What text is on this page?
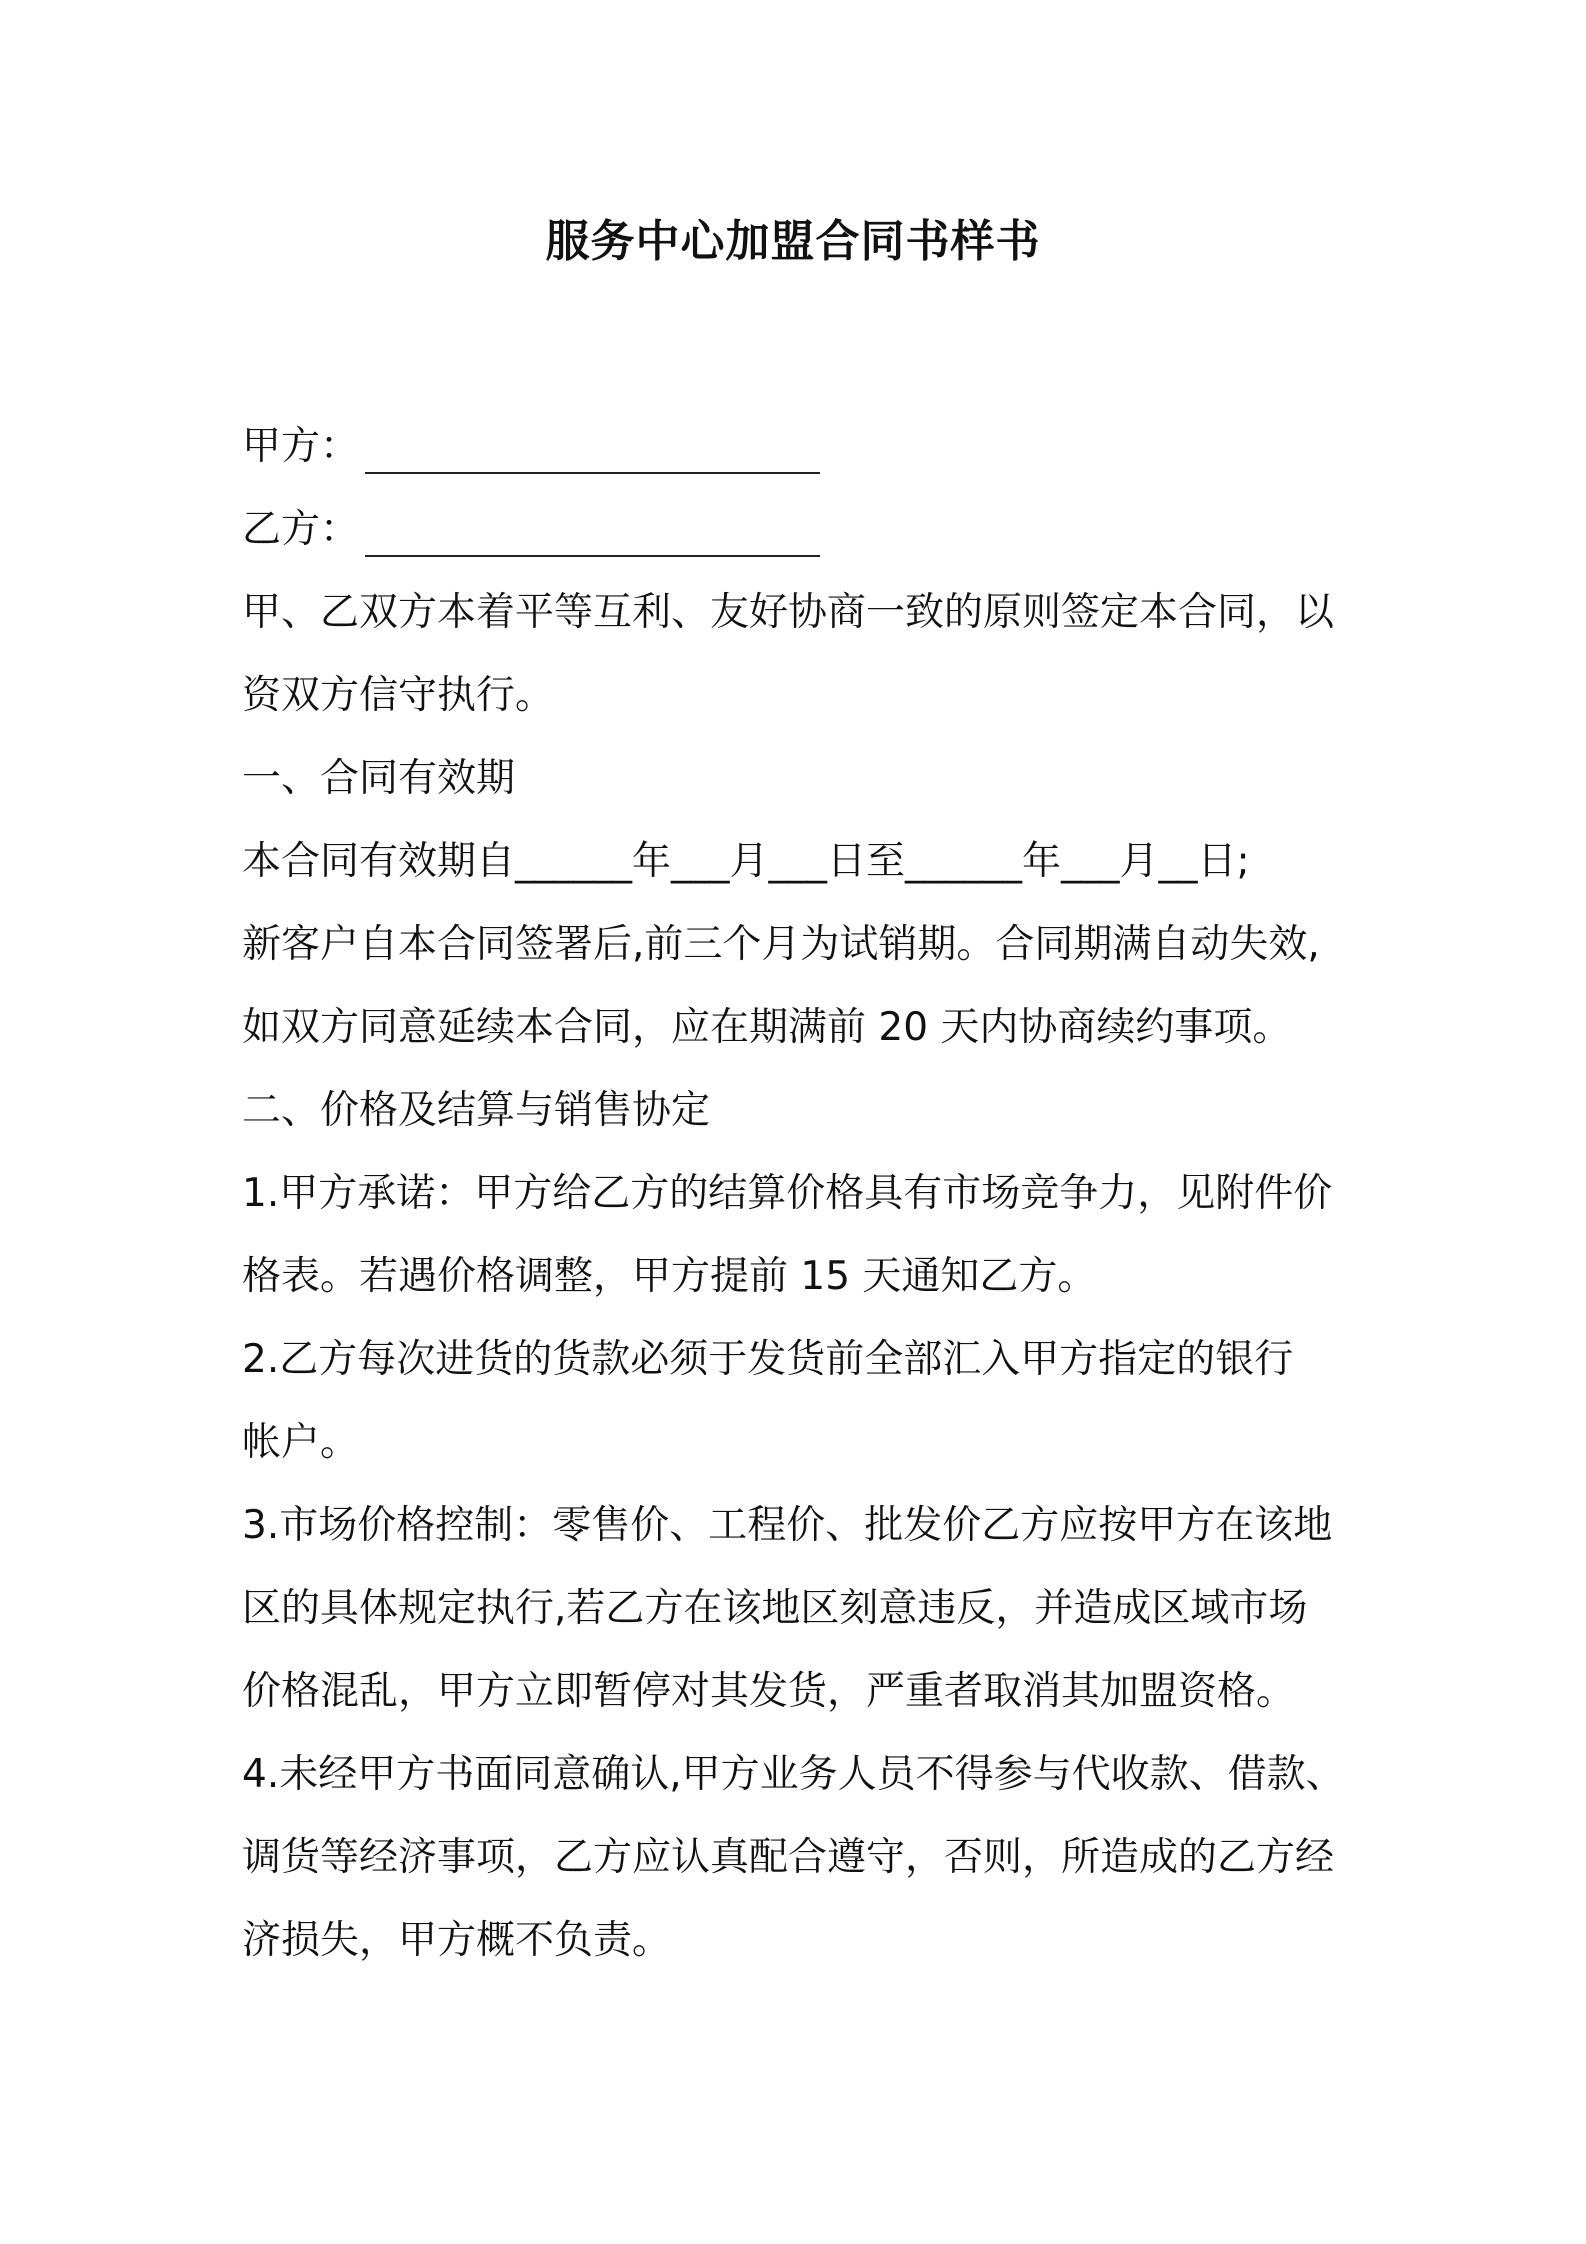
服务中心加盟合同书样书
甲方：
乙方：
甲、乙双方本着平等互利、友好协商一致的原则签定本合同，以
资双方信守执行。
一、合同有效期
本合同有效期自______年___月___日至______年___月__日;
新客户自本合同签署后,前三个月为试销期。合同期满自动失效,
如双方同意延续本合同，应在期满前 20 天内协商续约事项。
二、价格及结算与销售协定
1.甲方承诺：甲方给乙方的结算价格具有市场竞争力，见附件价
格表。若遇价格调整，甲方提前 15 天通知乙方。
2.乙方每次进货的货款必须于发货前全部汇入甲方指定的银行
帐户。
3.市场价格控制：零售价、工程价、批发价乙方应按甲方在该地
区的具体规定执行,若乙方在该地区刻意违反，并造成区域市场
价格混乱，甲方立即暂停对其发货，严重者取消其加盟资格。
4.未经甲方书面同意确认,甲方业务人员不得参与代收款、借款、
调货等经济事项，乙方应认真配合遵守，否则，所造成的乙方经
济损失，甲方概不负责。
